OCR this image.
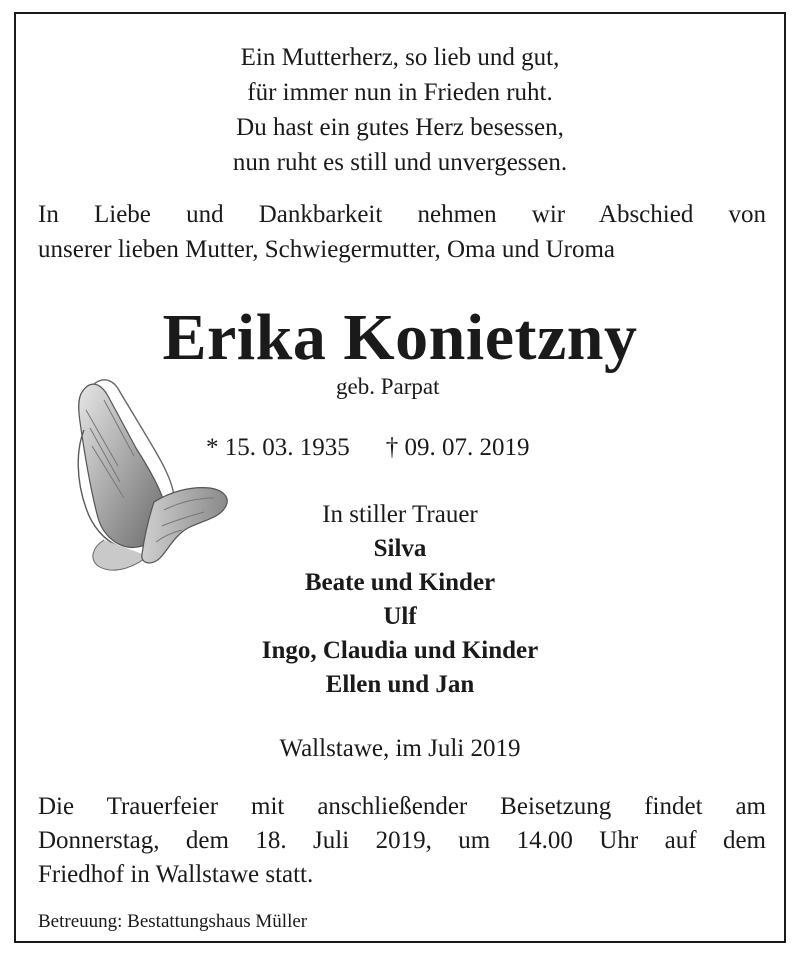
Ein Mutterherz, so lieb und gut,
für immer nun in Frieden ruht.
Du hast ein gutes Herz besessen,
nun ruht es still und unvergessen.
In Liebe und Dankbarkeit nehmen wir Abschied von
unserer lieben Mutter, Schwiegermutter, Oma und Uroma
Erika Konietzny
geb. Parpat
* 15. 03. 1935 † 09. 07. 2019
In stiller Trauer
Silva
Beate und Kinder
Ulf
Ingo, Claudia und Kinder
Ellen und Jan
Wallstawe, im Juli 2019
Die Trauerfeier mit anschließender Beisetzung findet am
Donnerstag, dem 18. Juli 2019, um 14.00 Uhr auf dem
Friedhof in Wallstawe statt.
Betreuung: Bestattungshaus Müller
